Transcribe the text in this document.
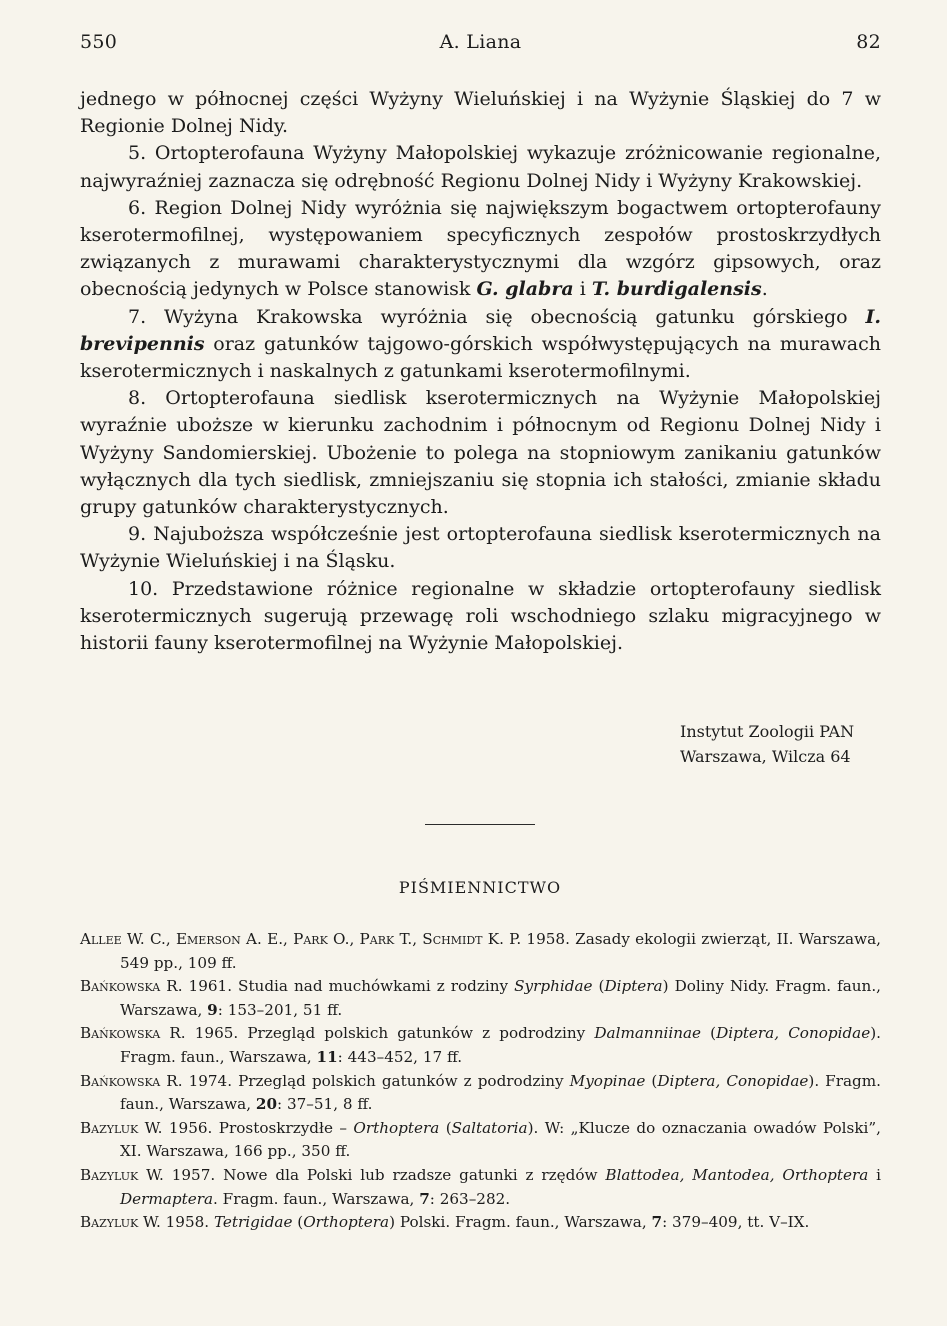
550	A. Liana	82

jednego w północnej części Wyżyny Wieluńskiej i na Wyżynie Śląskiej do 7 w Regionie Dolnej Nidy.

5. Ortopterofauna Wyżyny Małopolskiej wykazuje zróżnicowanie regionalne, najwyraźniej zaznacza się odrębność Regionu Dolnej Nidy i Wyżyny Krakowskiej.

6. Region Dolnej Nidy wyróżnia się największym bogactwem ortopterofauny kserotermofilnej, występowaniem specyficznych zespołów prostoskrzydłych związanych z murawami charakterystycznymi dla wzgórz gipsowych, oraz obecnością jedynych w Polsce stanowisk G. glabra i T. burdigalensis.

7. Wyżyna Krakowska wyróżnia się obecnością gatunku górskiego I. brevipennis oraz gatunków tajgowo-górskich współwystępujących na murawach kserotermicznych i naskalnych z gatunkami kserotermofilnymi.

8. Ortopterofauna siedlisk kserotermicznych na Wyżynie Małopolskiej wyraźnie uboższe w kierunku zachodnim i północnym od Regionu Dolnej Nidy i Wyżyny Sandomierskiej. Ubożenie to polega na stopniowym zanikaniu gatunków wyłącznych dla tych siedlisk, zmniejszaniu się stopnia ich stałości, zmianie składu grupy gatunków charakterystycznych.

9. Najuboższa współcześnie jest ortopterofauna siedlisk kserotermicznych na Wyżynie Wieluńskiej i na Śląsku.

10. Przedstawione różnice regionalne w składzie ortopterofauny siedlisk kserotermicznych sugerują przewagę roli wschodniego szlaku migracyjnego w historii fauny kserotermofilnej na Wyżynie Małopolskiej.

Instytut Zoologii PAN
Warszawa, Wilcza 64
PIŚMIENNICTWO

Allee W. C., Emerson A. E., Park O., Park T., Schmidt K. P. 1958. Zasady ekologii zwierząt, II. Warszawa, 549 pp., 109 ff.

Bańkowska R. 1961. Studia nad muchówkami z rodziny Syrphidae (Diptera) Doliny Nidy. Fragm. faun., Warszawa, 9: 153–201, 51 ff.

Bańkowska R. 1965. Przegląd polskich gatunków z podrodziny Dalmanniinae (Diptera, Conopidae). Fragm. faun., Warszawa, 11: 443–452, 17 ff.

Bańkowska R. 1974. Przegląd polskich gatunków z podrodziny Myopinae (Diptera, Conopidae). Fragm. faun., Warszawa, 20: 37–51, 8 ff.

Bazyluk W. 1956. Prostoskrzydłe – Orthoptera (Saltatoria). W: „Klucze do oznaczania owadów Polski”, XI. Warszawa, 166 pp., 350 ff.

Bazyluk W. 1957. Nowe dla Polski lub rzadsze gatunki z rzędów Blattodea, Mantodea, Orthoptera i Dermaptera. Fragm. faun., Warszawa, 7: 263–282.

Bazyluk W. 1958. Tetrigidae (Orthoptera) Polski. Fragm. faun., Warszawa, 7: 379–409, tt. V–IX.
